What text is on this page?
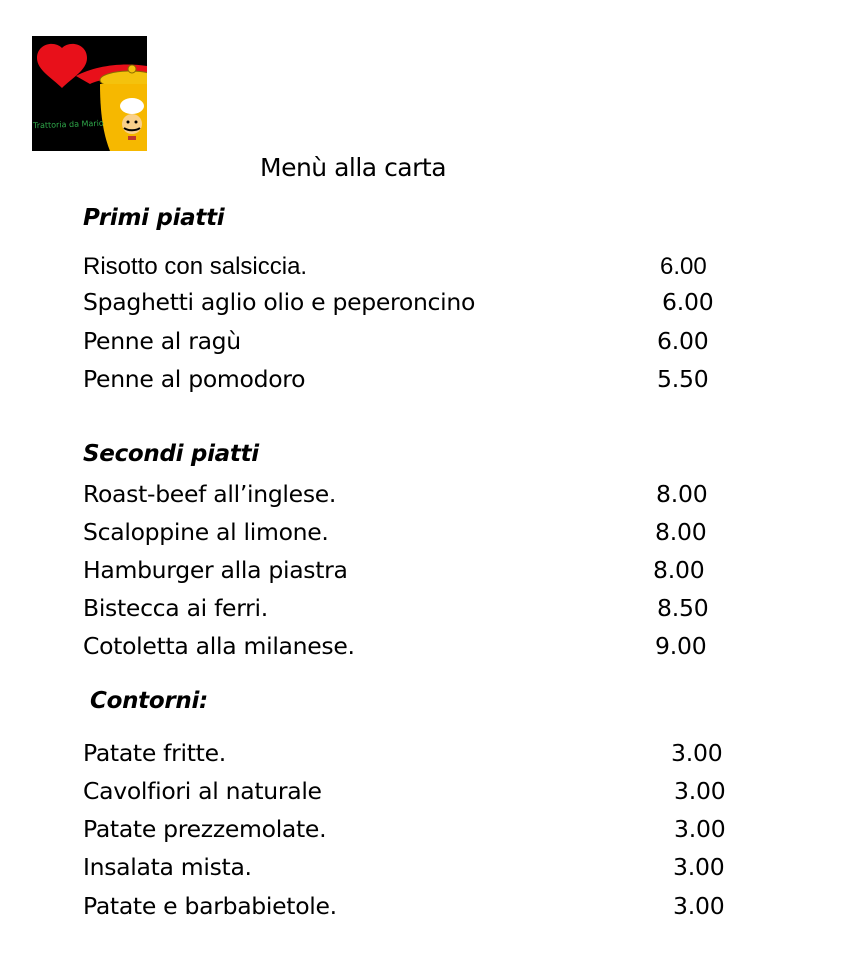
Trattoria da Mario
Menù alla carta
Primi piatti
Risotto con salsiccia.	6.00
Spaghetti aglio olio e peperoncino	6.00
Penne al ragù	6.00
Penne al pomodoro	5.50
Secondi piatti
Roast-beef all’inglese.	8.00
Scaloppine al limone.	8.00
Hamburger alla piastra	8.00
Bistecca ai ferri.	8.50
Cotoletta alla milanese.	9.00
Contorni:
Patate fritte.	3.00
Cavolfiori al naturale	3.00
Patate prezzemolate.	3.00
Insalata mista.	3.00
Patate e barbabietole.	3.00
